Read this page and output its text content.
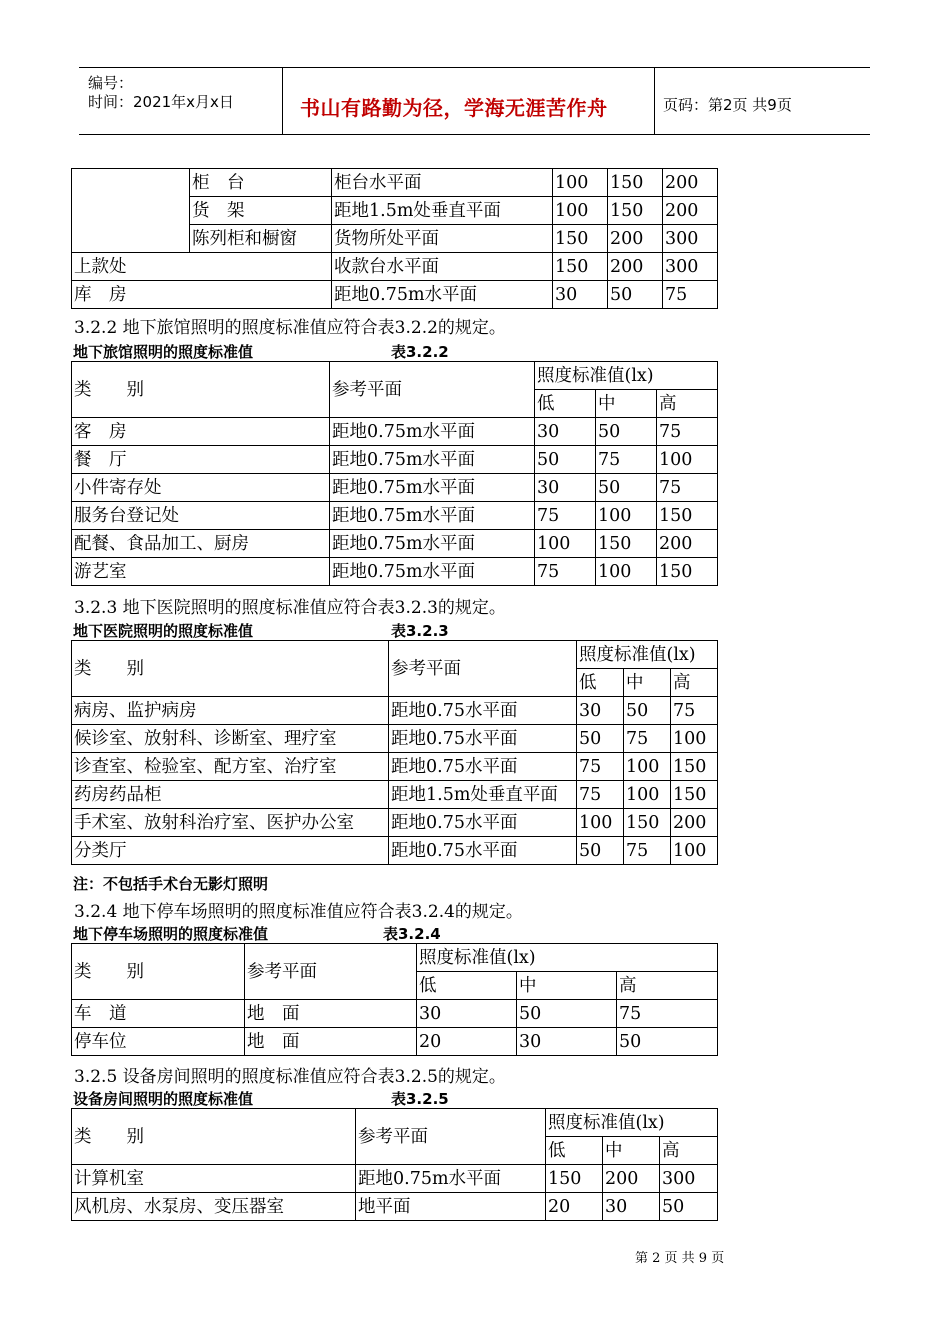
编号：
时间：2021年x月x日	书山有路勤为径，学海无涯苦作舟	页码：第2页 共9页
	柜　台	柜台水平面	100	150	200
	货　架	距地1.5m处垂直平面	100	150	200
	陈列柜和橱窗	货物所处平面	150	200	300
上款处		收款台水平面	150	200	300
库　房		距地0.75m水平面	30	50	75
3.2.2 地下旅馆照明的照度标准值应符合表3.2.2的规定。
地下旅馆照明的照度标准值	表3.2.2
类　　别	参考平面	照度标准值(lx)		
		低	中	高
客　房	距地0.75m水平面	30	50	75
餐　厅	距地0.75m水平面	50	75	100
小件寄存处	距地0.75m水平面	30	50	75
服务台登记处	距地0.75m水平面	75	100	150
配餐、食品加工、厨房	距地0.75m水平面	100	150	200
游艺室	距地0.75m水平面	75	100	150
3.2.3 地下医院照明的照度标准值应符合表3.2.3的规定。
地下医院照明的照度标准值	表3.2.3
类　　别	参考平面	照度标准值(lx)		
		低	中	高
病房、监护病房	距地0.75水平面	30	50	75
候诊室、放射科、诊断室、理疗室	距地0.75水平面	50	75	100
诊查室、检验室、配方室、治疗室	距地0.75水平面	75	100	150
药房药品柜	距地1.5m处垂直平面	75	100	150
手术室、放射科治疗室、医护办公室	距地0.75水平面	100	150	200
分类厅	距地0.75水平面	50	75	100
注：不包括手术台无影灯照明
3.2.4 地下停车场照明的照度标准值应符合表3.2.4的规定。
地下停车场照明的照度标准值	表3.2.4
类　　别	参考平面	照度标准值(lx)		
		低	中	高
车　道	地　面	30	50	75
停车位	地　面	20	30	50
3.2.5 设备房间照明的照度标准值应符合表3.2.5的规定。
设备房间照明的照度标准值	表3.2.5
类　　别	参考平面	照度标准值(lx)		
		低	中	高
计算机室	距地0.75m水平面	150	200	300
风机房、水泵房、变压器室	地平面	20	30	50
第 2 页 共 9 页
